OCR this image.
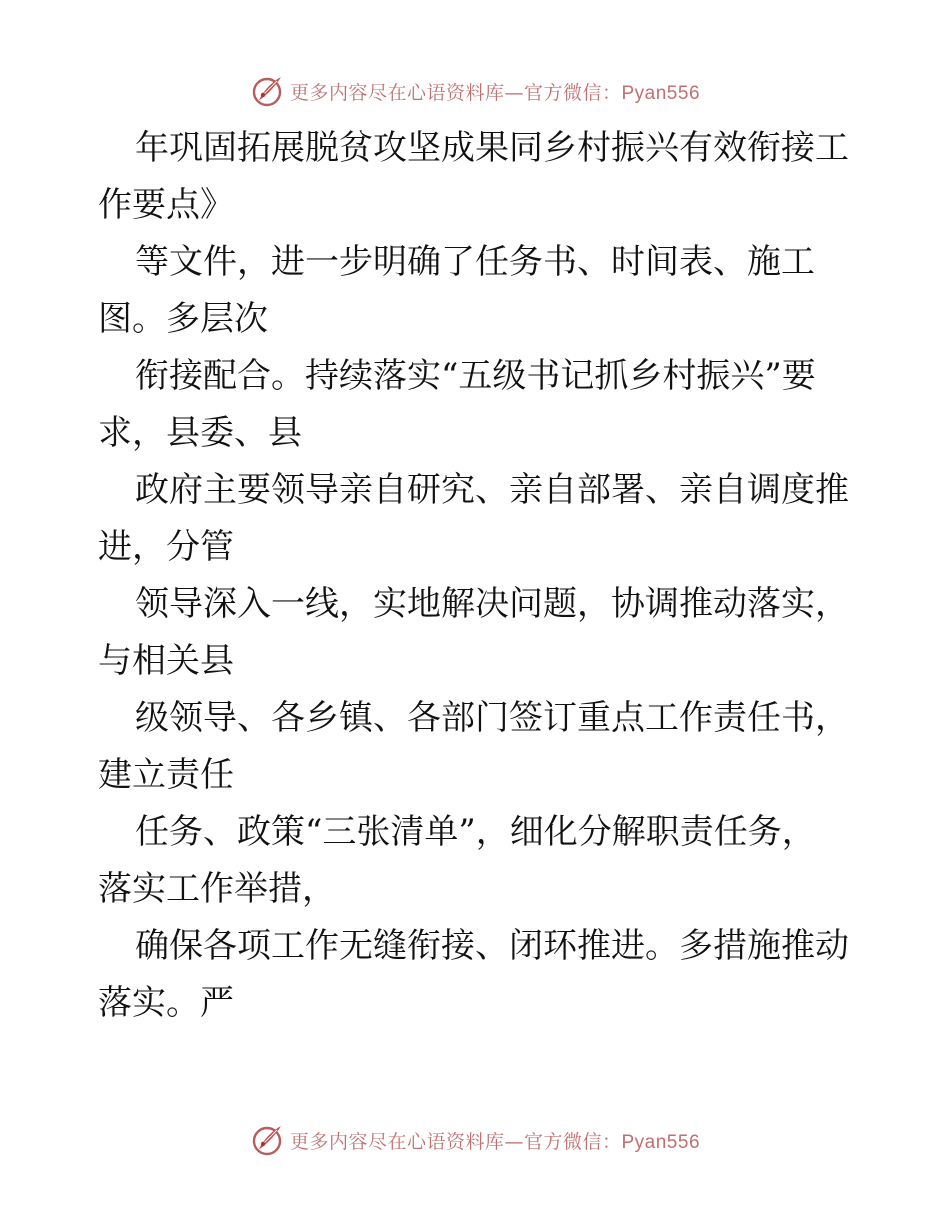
更多内容尽在心语资料库—官方微信：Pyan556

年巩固拓展脱贫攻坚成果同乡村振兴有效衔接工
作要点》

等文件，进一步明确了任务书、时间表、施工
图。多层次

衔接配合。持续落实“五级书记抓乡村振兴”要
求，县委、县

政府主要领导亲自研究、亲自部署、亲自调度推
进，分管

领导深入一线，实地解决问题，协调推动落实，
与相关县

级领导、各乡镇、各部门签订重点工作责任书，
建立责任

任务、政策“三张清单”，细化分解职责任务，
落实工作举措，

确保各项工作无缝衔接、闭环推进。多措施推动
落实。严

更多内容尽在心语资料库—官方微信：Pyan556
